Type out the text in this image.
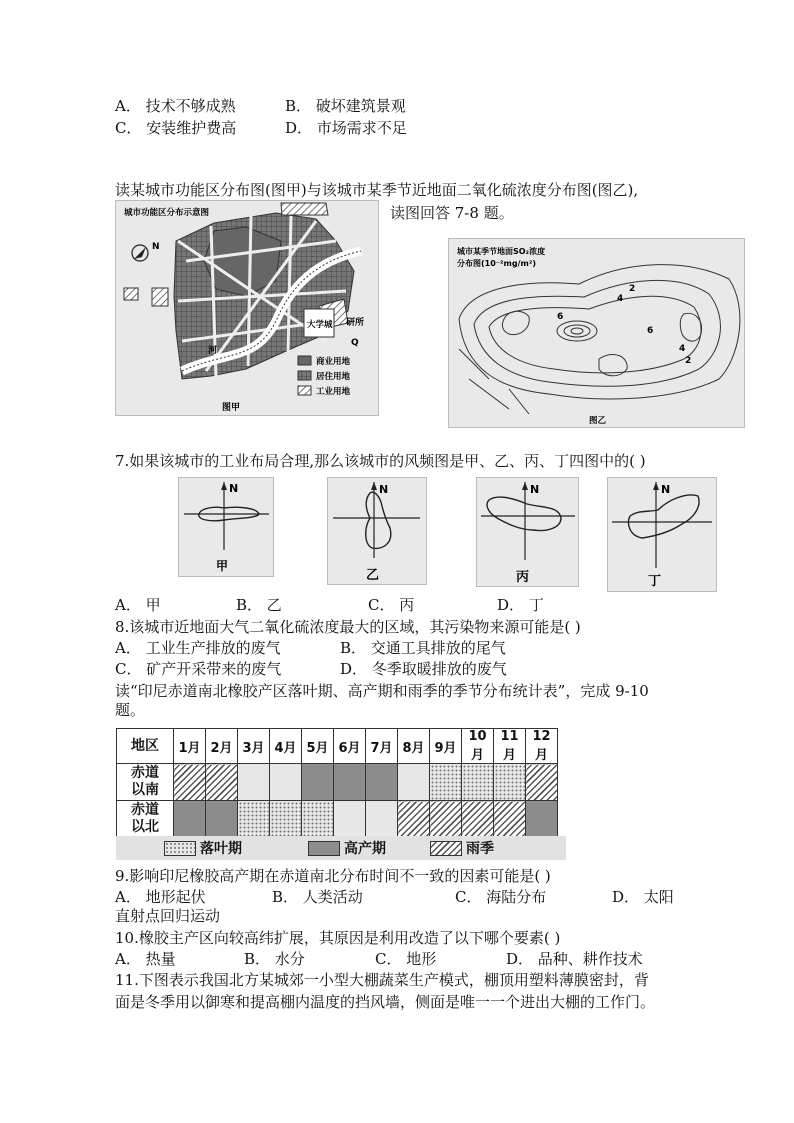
A． 技术不够成熟	B． 破坏建筑景观
C． 安装维护费高	D． 市场需求不足
读某城市功能区分布图(图甲)与该城市某季节近地面二氧化硫浓度分布图(图乙),
读图回答 7-8 题。
城市功能区分布示意图
N
河
大学城 研所
Q
商业用地
居住用地
工业用地
图甲
城市某季节地面SO₂浓度
分布图(10⁻²mg/m²)
2
4
6
6
4
2
图乙
7.如果该城市的工业布局合理,那么该城市的风频图是甲、乙、丙、丁四图中的( )
N
甲
N
乙
N
丙
N
丁
A． 甲	B． 乙	C． 丙	D． 丁
8.该城市近地面大气二氧化硫浓度最大的区域，其污染物来源可能是( )
A． 工业生产排放的废气	B． 交通工具排放的尾气
C． 矿产开采带来的废气	D． 冬季取暖排放的废气
读“印尼赤道南北橡胶产区落叶期、高产期和雨季的季节分布统计表”，完成 9-10
题。
地区	1月	2月	3月	4月	5月	6月	7月	8月	9月	10月	11月	12月
赤道
以南												
赤道
以北												
落叶期	高产期	雨季
9.影响印尼橡胶高产期在赤道南北分布时间不一致的因素可能是( )
A． 地形起伏	B． 人类活动	C． 海陆分布	D． 太阳
直射点回归运动
10.橡胶主产区向较高纬扩展，其原因是利用改造了以下哪个要素( )
A． 热量	B． 水分	C． 地形	D． 品种、耕作技术
11.下图表示我国北方某城郊一小型大棚蔬菜生产模式，棚顶用塑料薄膜密封，背
面是冬季用以御寒和提高棚内温度的挡风墙，侧面是唯一一个进出大棚的工作门。
